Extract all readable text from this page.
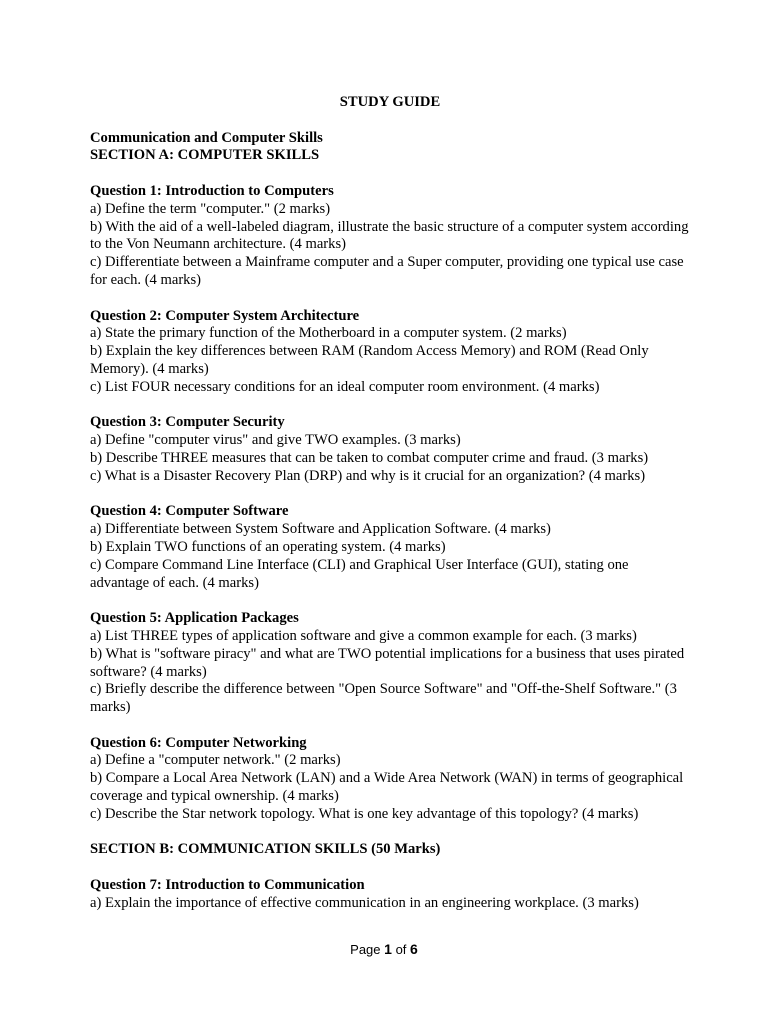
STUDY GUIDE
Communication and Computer Skills
SECTION A: COMPUTER SKILLS
Question 1: Introduction to Computers
a) Define the term "computer." (2 marks)
b) With the aid of a well-labeled diagram, illustrate the basic structure of a computer system according to the Von Neumann architecture. (4 marks)
c) Differentiate between a Mainframe computer and a Super computer, providing one typical use case for each. (4 marks)
Question 2: Computer System Architecture
a) State the primary function of the Motherboard in a computer system. (2 marks)
b) Explain the key differences between RAM (Random Access Memory) and ROM (Read Only Memory). (4 marks)
c) List FOUR necessary conditions for an ideal computer room environment. (4 marks)
Question 3: Computer Security
a) Define "computer virus" and give TWO examples. (3 marks)
b) Describe THREE measures that can be taken to combat computer crime and fraud. (3 marks)
c) What is a Disaster Recovery Plan (DRP) and why is it crucial for an organization? (4 marks)
Question 4: Computer Software
a) Differentiate between System Software and Application Software. (4 marks)
b) Explain TWO functions of an operating system. (4 marks)
c) Compare Command Line Interface (CLI) and Graphical User Interface (GUI), stating one advantage of each. (4 marks)
Question 5: Application Packages
a) List THREE types of application software and give a common example for each. (3 marks)
b) What is "software piracy" and what are TWO potential implications for a business that uses pirated software? (4 marks)
c) Briefly describe the difference between "Open Source Software" and "Off-the-Shelf Software." (3 marks)
Question 6: Computer Networking
a) Define a "computer network." (2 marks)
b) Compare a Local Area Network (LAN) and a Wide Area Network (WAN) in terms of geographical coverage and typical ownership. (4 marks)
c) Describe the Star network topology. What is one key advantage of this topology? (4 marks)
SECTION B: COMMUNICATION SKILLS (50 Marks)
Question 7: Introduction to Communication
a) Explain the importance of effective communication in an engineering workplace. (3 marks)
Page 1 of 6
